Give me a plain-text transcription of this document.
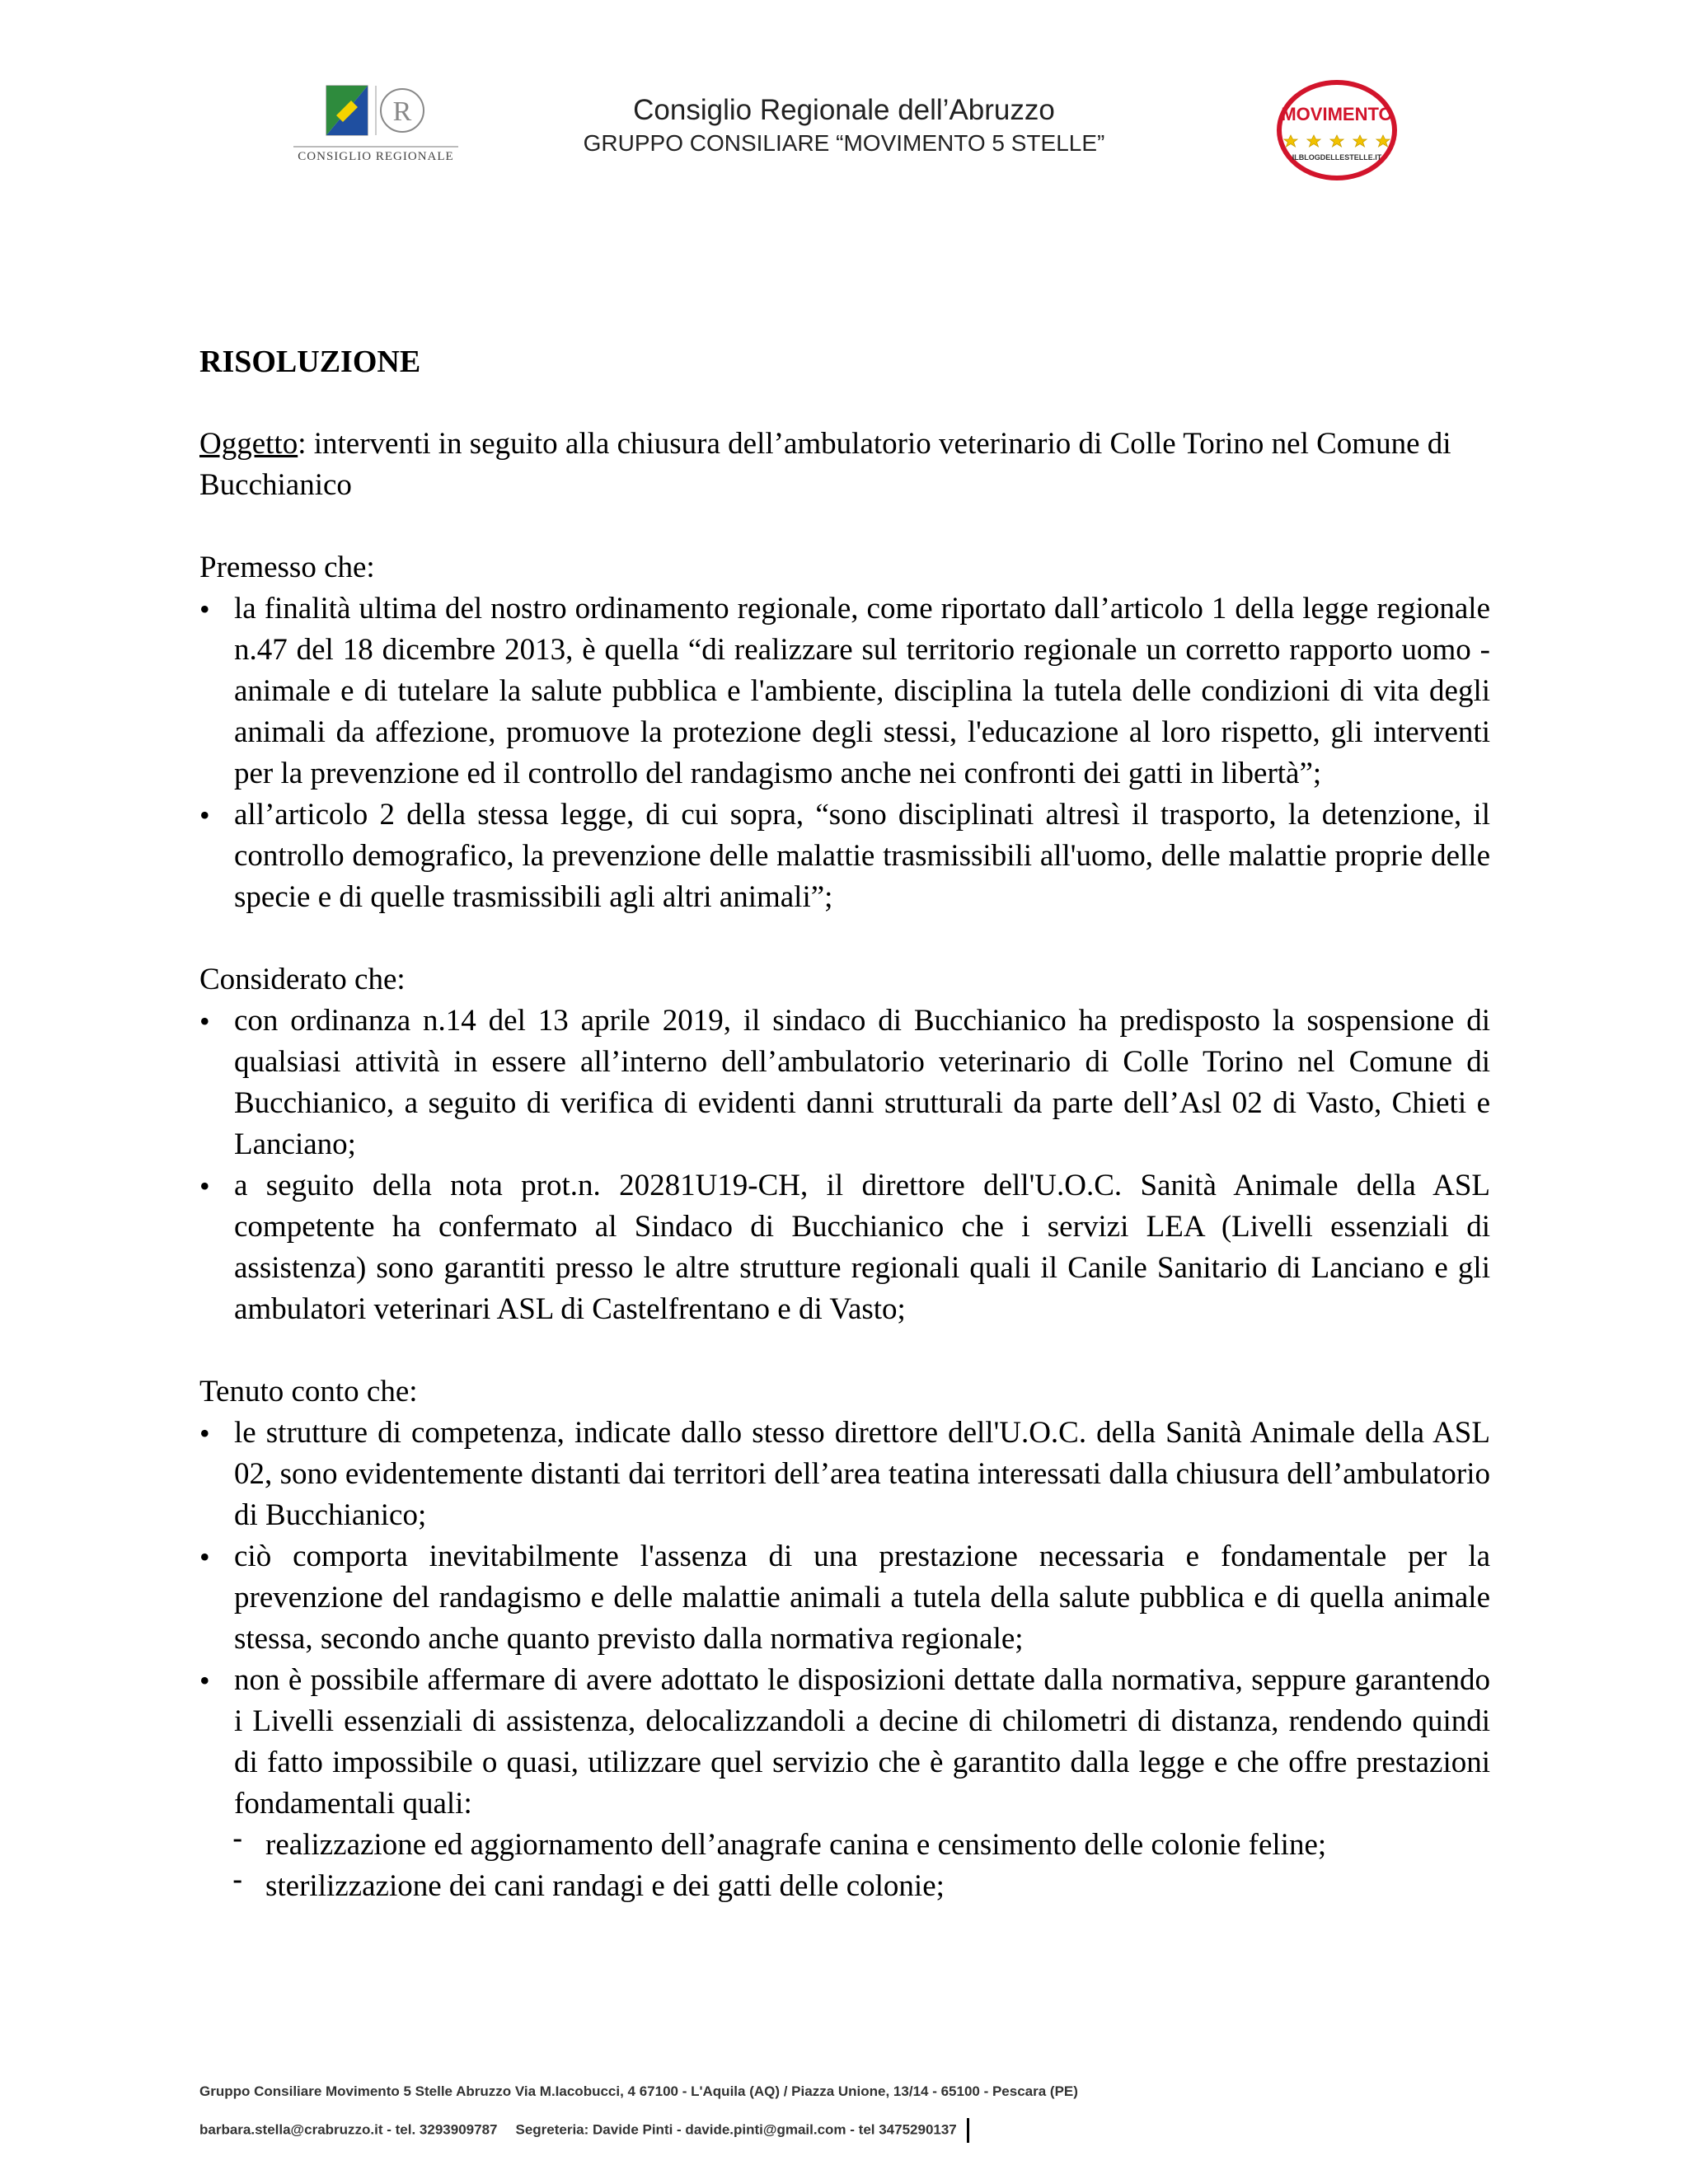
R
CONSIGLIO REGIONALE
Consiglio Regionale dell’Abruzzo
GRUPPO CONSILIARE “MOVIMENTO 5 STELLE”
MOVIMENTO
ILBLOGDELLESTELLE.IT
RISOLUZIONE

Oggetto: interventi in seguito alla chiusura dell’ambulatorio veterinario di Colle Torino nel Comune di Bucchianico

Premesso che:

• la finalità ultima del nostro ordinamento regionale, come riportato dall’articolo 1 della legge regionale n.47 del 18 dicembre 2013, è quella “di realizzare sul territorio regionale un corretto rapporto uomo - animale e di tutelare la salute pubblica e l'ambiente, disciplina la tutela delle condizioni di vita degli animali da affezione, promuove la protezione degli stessi, l'educazione al loro rispetto, gli interventi per la prevenzione ed il controllo del randagismo anche nei confronti dei gatti in libertà”;
• all’articolo 2 della stessa legge, di cui sopra, “sono disciplinati altresì il trasporto, la detenzione, il controllo demografico, la prevenzione delle malattie trasmissibili all'uomo, delle malattie proprie delle specie e di quelle trasmissibili agli altri animali”;

Considerato che:

• con ordinanza n.14 del 13 aprile 2019, il sindaco di Bucchianico ha predisposto la sospensione di qualsiasi attività in essere all’interno dell’ambulatorio veterinario di Colle Torino nel Comune di Bucchianico, a seguito di verifica di evidenti danni strutturali da parte dell’Asl 02 di Vasto, Chieti e Lanciano;
• a seguito della nota prot.n. 20281U19-CH, il direttore dell'U.O.C. Sanità Animale della ASL competente ha confermato al Sindaco di Bucchianico che i servizi LEA (Livelli essenziali di assistenza) sono garantiti presso le altre strutture regionali quali il Canile Sanitario di Lanciano e gli ambulatori veterinari ASL di Castelfrentano e di Vasto;

Tenuto conto che:

• le strutture di competenza, indicate dallo stesso direttore dell'U.O.C. della Sanità Animale della ASL 02, sono evidentemente distanti dai territori dell’area teatina interessati dalla chiusura dell’ambulatorio di Bucchianico;
• ciò comporta inevitabilmente l'assenza di una prestazione necessaria e fondamentale per la prevenzione del randagismo e delle malattie animali a tutela della salute pubblica e di quella animale stessa, secondo anche quanto previsto dalla normativa regionale;
• non è possibile affermare di avere adottato le disposizioni dettate dalla normativa, seppure garantendo i Livelli essenziali di assistenza, delocalizzandoli a decine di chilometri di distanza, rendendo quindi di fatto impossibile o quasi, utilizzare quel servizio che è garantito dalla legge e che offre prestazioni fondamentali quali:
- realizzazione ed aggiornamento dell’anagrafe canina e censimento delle colonie feline;
- sterilizzazione dei cani randagi e dei gatti delle colonie;
Gruppo Consiliare Movimento 5 Stelle Abruzzo Via M.Iacobucci, 4 67100 - L'Aquila (AQ) / Piazza Unione, 13/14 - 65100 - Pescara (PE)
barbara.stella@crabruzzo.it - tel. 3293909787 Segreteria: Davide Pinti - davide.pinti@gmail.com - tel 3475290137
